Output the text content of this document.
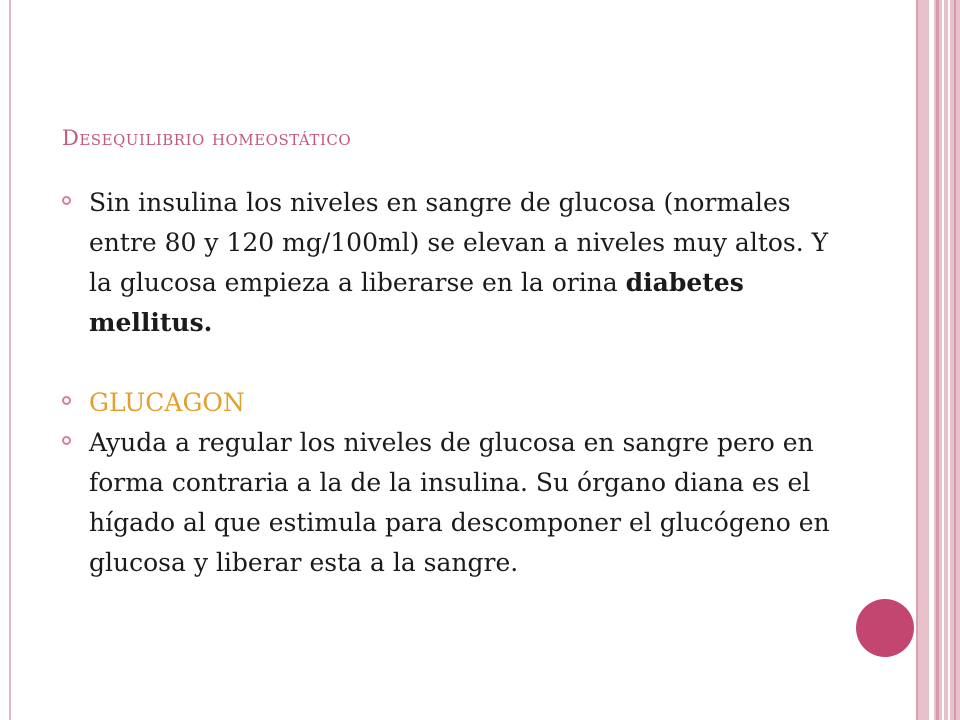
Desequilibrio homeostático
Sin insulina los niveles en sangre de glucosa (normales entre 80 y 120 mg/100ml) se elevan a niveles muy altos. Y la glucosa empieza a liberarse en la orina diabetes mellitus.
GLUCAGON
Ayuda a regular los niveles de glucosa en sangre pero en forma contraria a la de la insulina. Su órgano diana es el hígado al que estimula para descomponer el glucógeno en glucosa y liberar esta a la sangre.
